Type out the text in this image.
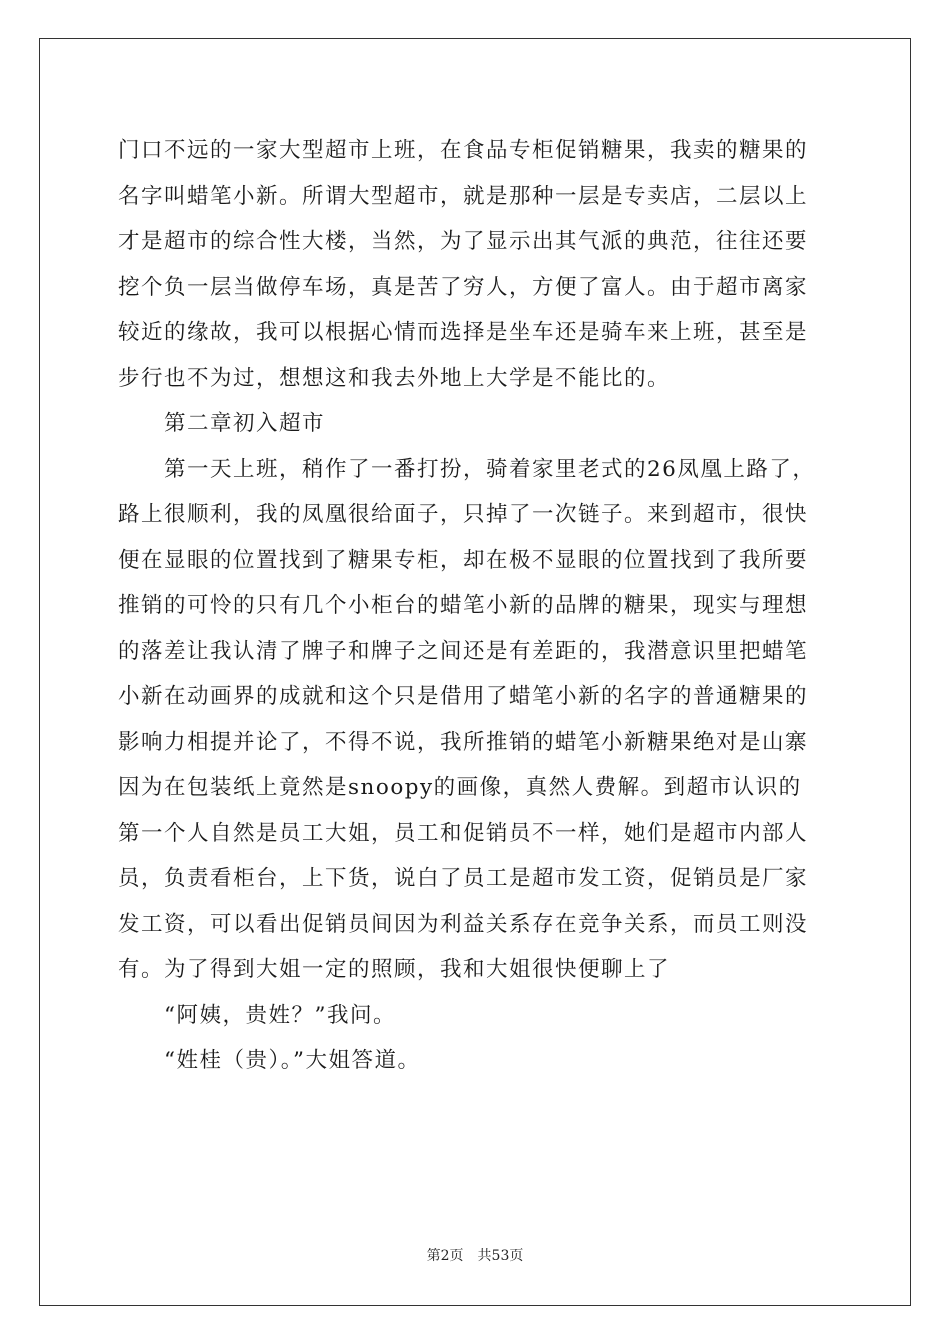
门口不远的一家大型超市上班，在食品专柜促销糖果，我卖的糖果的
名字叫蜡笔小新。所谓大型超市，就是那种一层是专卖店，二层以上
才是超市的综合性大楼，当然，为了显示出其气派的典范，往往还要
挖个负一层当做停车场，真是苦了穷人，方便了富人。由于超市离家
较近的缘故，我可以根据心情而选择是坐车还是骑车来上班，甚至是
步行也不为过，想想这和我去外地上大学是不能比的。
第二章初入超市
第一天上班，稍作了一番打扮，骑着家里老式的26凤凰上路了，
路上很顺利，我的凤凰很给面子，只掉了一次链子。来到超市，很快
便在显眼的位置找到了糖果专柜，却在极不显眼的位置找到了我所要
推销的可怜的只有几个小柜台的蜡笔小新的品牌的糖果，现实与理想
的落差让我认清了牌子和牌子之间还是有差距的，我潜意识里把蜡笔
小新在动画界的成就和这个只是借用了蜡笔小新的名字的普通糖果的
影响力相提并论了，不得不说，我所推销的蜡笔小新糖果绝对是山寨
因为在包装纸上竟然是snoopy的画像，真然人费解。到超市认识的
第一个人自然是员工大姐，员工和促销员不一样，她们是超市内部人
员，负责看柜台，上下货，说白了员工是超市发工资，促销员是厂家
发工资，可以看出促销员间因为利益关系存在竞争关系，而员工则没
有。为了得到大姐一定的照顾，我和大姐很快便聊上了
“阿姨，贵姓？”我问。
“姓桂（贵）。”大姐答道。
第2页　共53页
